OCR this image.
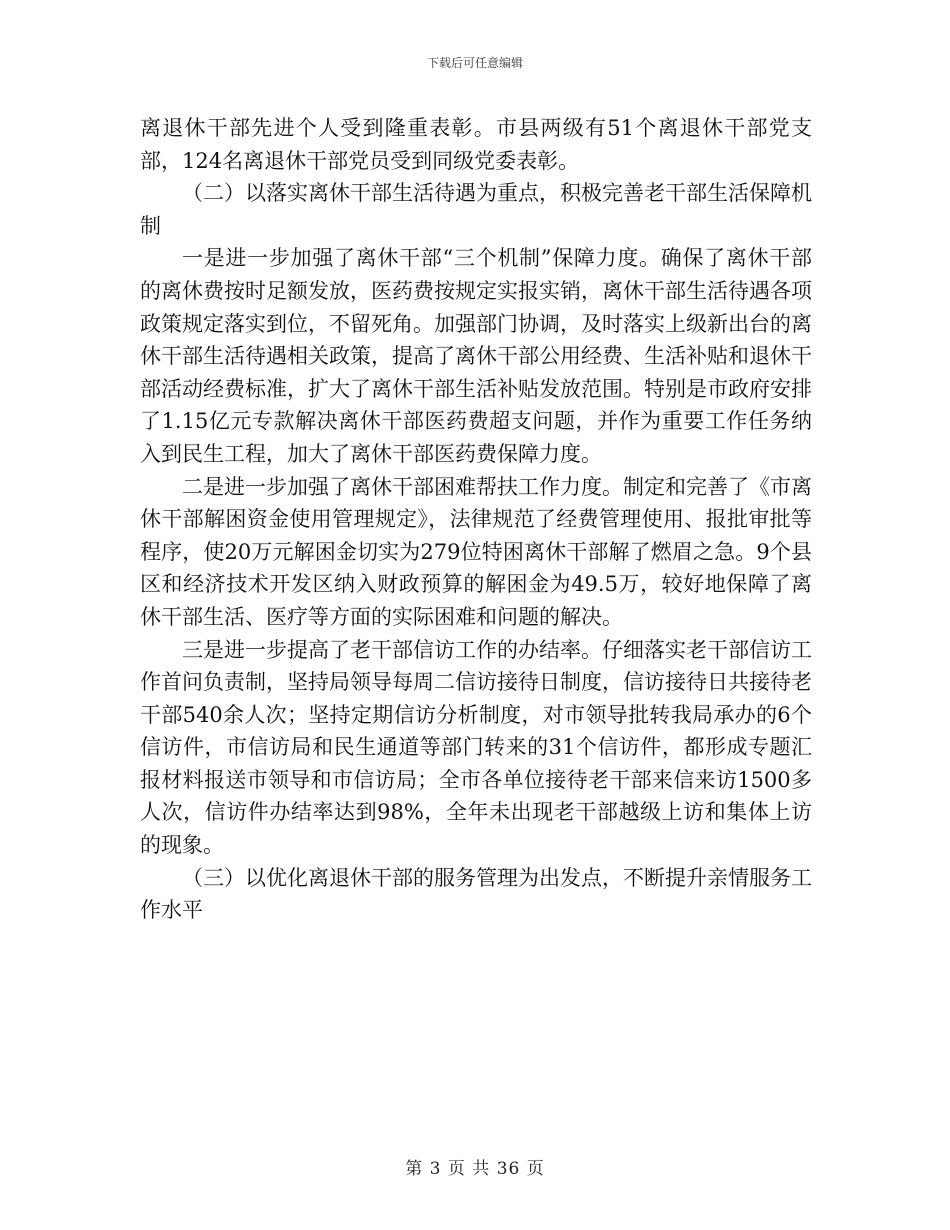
下载后可任意编辑

离退休干部先进个人受到隆重表彰。市县两级有51个离退休干部党支部，124名离退休干部党员受到同级党委表彰。

（二）以落实离休干部生活待遇为重点，积极完善老干部生活保障机制

一是进一步加强了离休干部“三个机制”保障力度。确保了离休干部的离休费按时足额发放，医药费按规定实报实销，离休干部生活待遇各项政策规定落实到位，不留死角。加强部门协调，及时落实上级新出台的离休干部生活待遇相关政策，提高了离休干部公用经费、生活补贴和退休干部活动经费标准，扩大了离休干部生活补贴发放范围。特别是市政府安排了1.15亿元专款解决离休干部医药费超支问题，并作为重要工作任务纳入到民生工程，加大了离休干部医药费保障力度。

二是进一步加强了离休干部困难帮扶工作力度。制定和完善了《市离休干部解困资金使用管理规定》，法律规范了经费管理使用、报批审批等程序，使20万元解困金切实为279位特困离休干部解了燃眉之急。9个县区和经济技术开发区纳入财政预算的解困金为49.5万，较好地保障了离休干部生活、医疗等方面的实际困难和问题的解决。

三是进一步提高了老干部信访工作的办结率。仔细落实老干部信访工作首问负责制，坚持局领导每周二信访接待日制度，信访接待日共接待老干部540余人次；坚持定期信访分析制度，对市领导批转我局承办的6个信访件，市信访局和民生通道等部门转来的31个信访件，都形成专题汇报材料报送市领导和市信访局；全市各单位接待老干部来信来访1500多人次，信访件办结率达到98%，全年未出现老干部越级上访和集体上访的现象。

（三）以优化离退休干部的服务管理为出发点，不断提升亲情服务工作水平

第 3 页 共 36 页
